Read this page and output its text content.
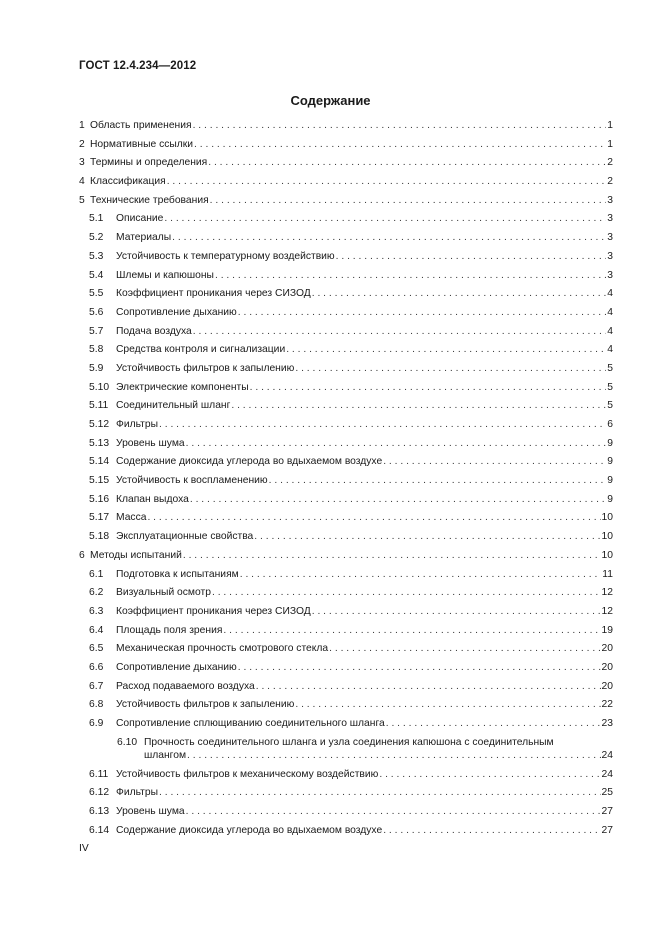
ГОСТ 12.4.234—2012
Содержание
1 Область применения . . .	1
2 Нормативные ссылки . . .	1
3 Термины и определения . . .	2
4 Классификация . . .	2
5 Технические требования . . .	3
5.1 Описание . . .	3
5.2 Материалы . . .	3
5.3 Устойчивость к температурному воздействию . . .	3
5.4 Шлемы и капюшоны . . .	3
5.5 Коэффициент проникания через СИЗОД . . .	4
5.6 Сопротивление дыханию . . .	4
5.7 Подача воздуха . . .	4
5.8 Средства контроля и сигнализации . . .	4
5.9 Устойчивость фильтров к запылению . . .	5
5.10 Электрические компоненты . . .	5
5.11 Соединительный шланг . . .	5
5.12 Фильтры . . .	6
5.13 Уровень шума . . .	9
5.14 Содержание диоксида углерода во вдыхаемом воздухе . . .	9
5.15 Устойчивость к воспламенению . . .	9
5.16 Клапан выдоха . . .	9
5.17 Масса . . .	10
5.18 Эксплуатационные свойства . . .	10
6 Методы испытаний . . .	10
6.1 Подготовка к испытаниям . . .	11
6.2 Визуальный осмотр . . .	12
6.3 Коэффициент проникания через СИЗОД . . .	12
6.4 Площадь поля зрения . . .	19
6.5 Механическая прочность смотрового стекла . . .	20
6.6 Сопротивление дыханию . . .	20
6.7 Расход подаваемого воздуха . . .	20
6.8 Устойчивость фильтров к запылению . . .	22
6.9 Сопротивление сплющиванию соединительного шланга . . .	23
6.10 Прочность соединительного шланга и узла соединения капюшона с соединительным
шлангом . . .	24
6.11 Устойчивость фильтров к механическому воздействию . . .	24
6.12 Фильтры . . .	25
6.13 Уровень шума . . .	27
6.14 Содержание диоксида углерода во вдыхаемом воздухе . . .	27
IV
